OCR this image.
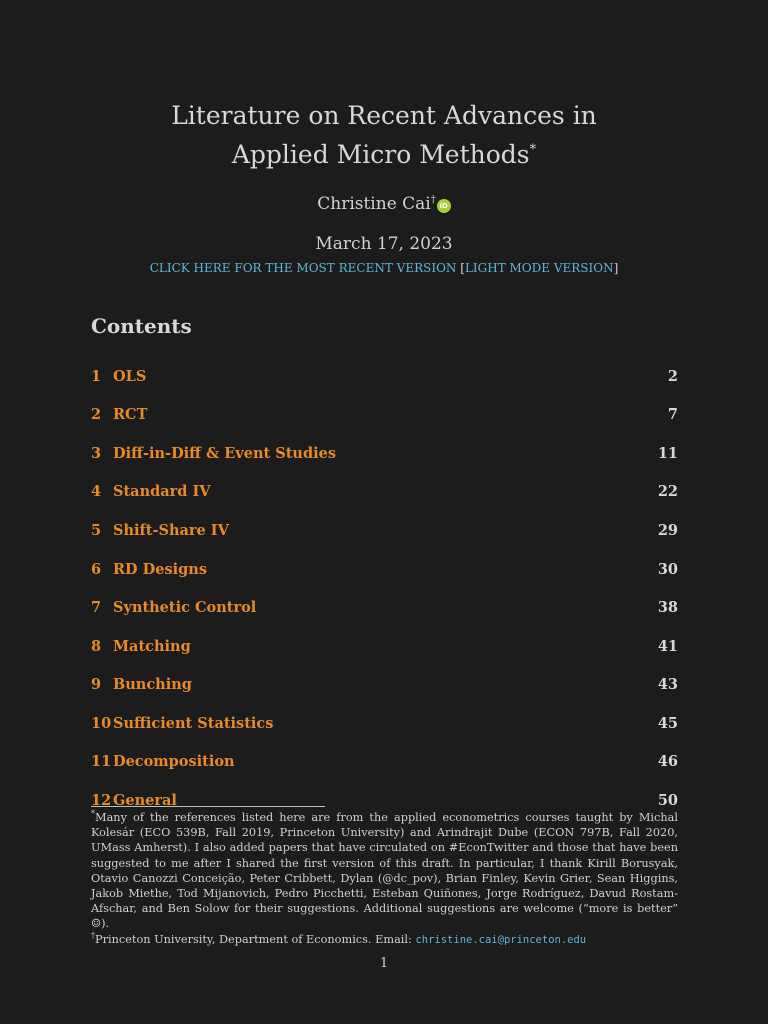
Literature on Recent Advances in
Applied Micro Methods*
Christine Cai†iD
March 17, 2023
CLICK HERE FOR THE MOST RECENT VERSION [LIGHT MODE VERSION]
Contents
1 OLS	2
2 RCT	7
3 Diff-in-Diff & Event Studies	11
4 Standard IV	22
5 Shift-Share IV	29
6 RD Designs	30
7 Synthetic Control	38
8 Matching	41
9 Bunching	43
10 Sufficient Statistics	45
11 Decomposition	46
12 General	50

*Many of the references listed here are from the applied econometrics courses taught by Michal Kolesár (ECO 539B, Fall 2019, Princeton University) and Arindrajit Dube (ECON 797B, Fall 2020, UMass Amherst). I also added papers that have circulated on #EconTwitter and those that have been suggested to me after I shared the first version of this draft. In particular, I thank Kirill Borusyak, Otavio Canozzi Conceição, Peter Cribbett, Dylan (@dc_pov), Brian Finley, Kevin Grier, Sean Higgins, Jakob Miethe, Tod Mijanovich, Pedro Picchetti, Esteban Quiñones, Jorge Rodríguez, Davud Rostam-Afschar, and Ben Solow for their suggestions. Additional suggestions are welcome (“more is better” ☺).

†Princeton University, Department of Economics. Email: christine.cai@princeton.edu

1
